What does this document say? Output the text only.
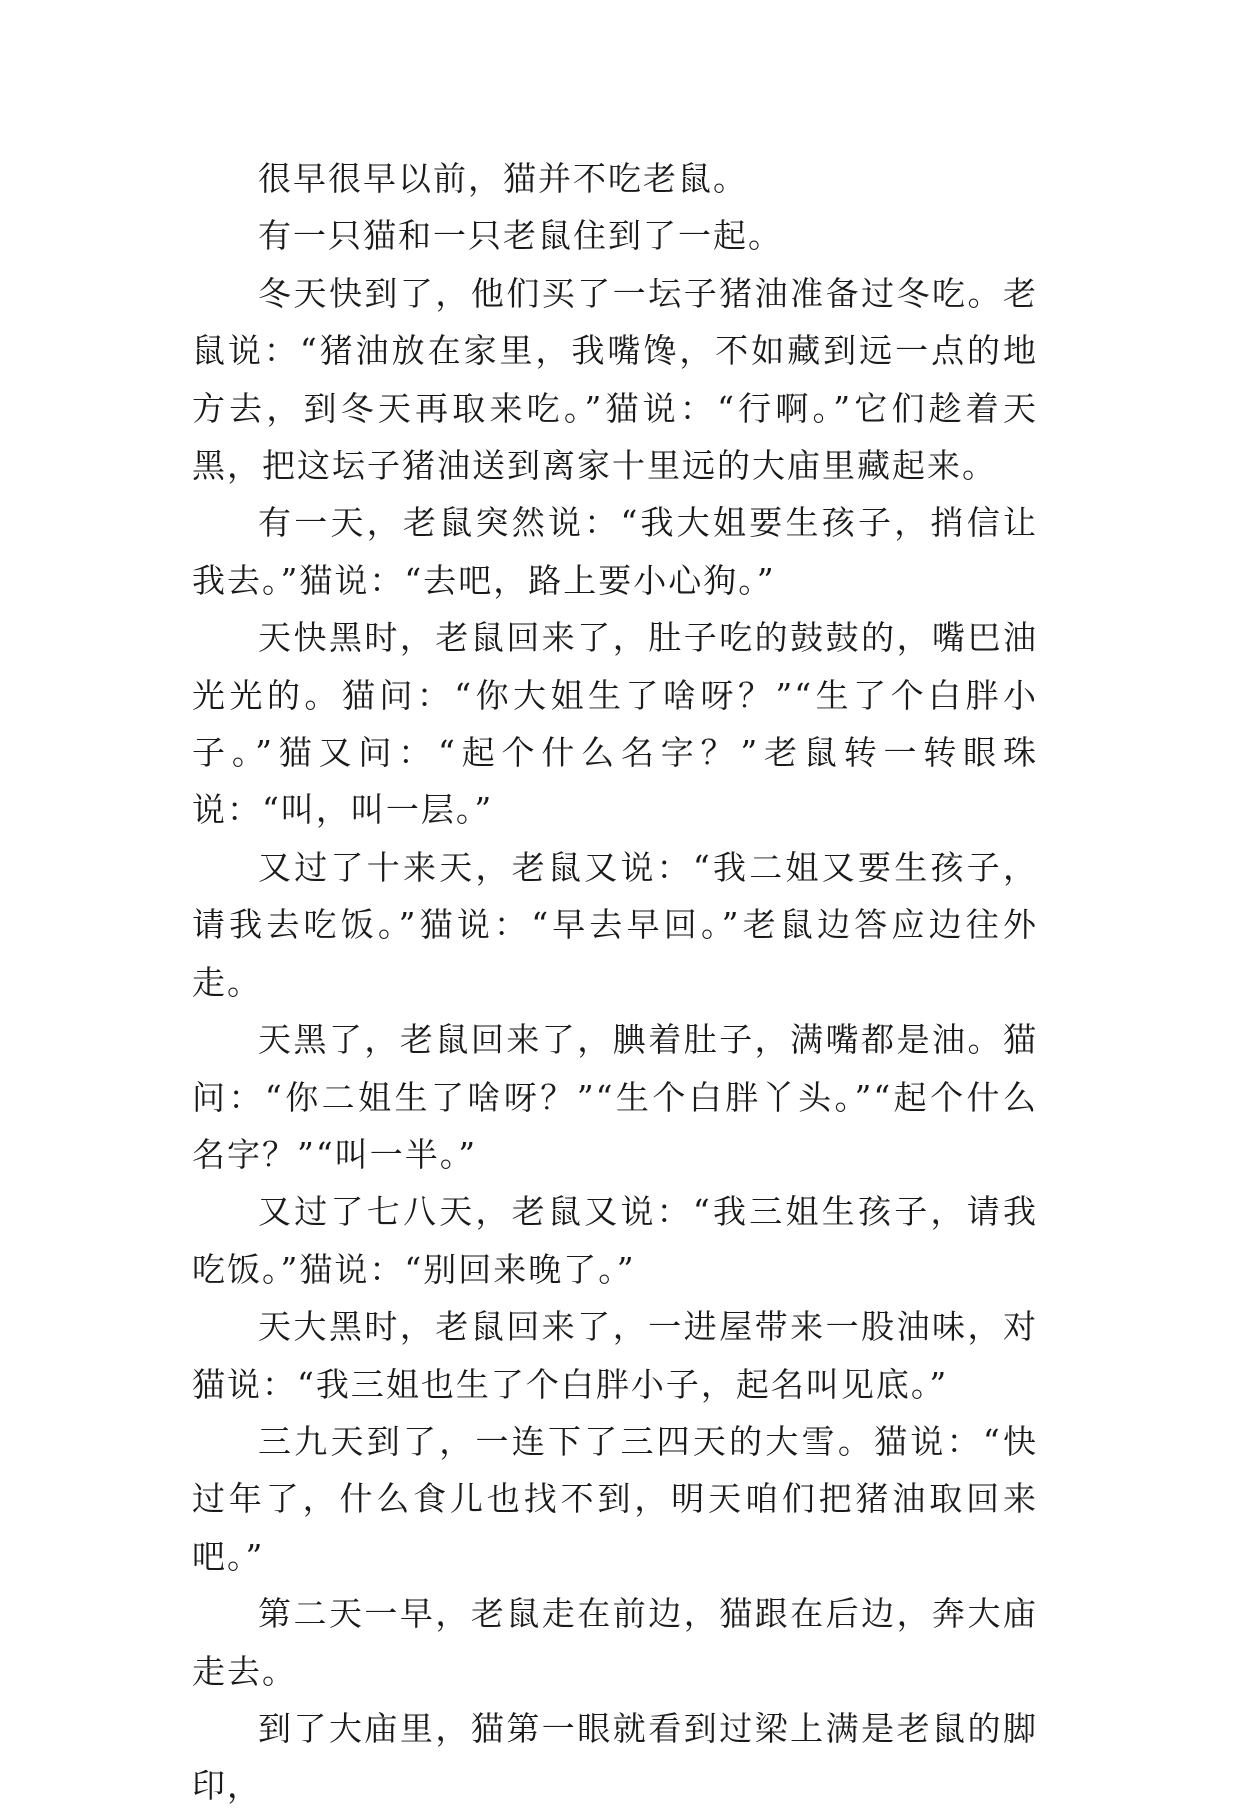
很早很早以前，猫并不吃老鼠。

有一只猫和一只老鼠住到了一起。

冬天快到了，他们买了一坛子猪油准备过冬吃。老鼠说：“猪油放在家里，我嘴馋，不如藏到远一点的地方去，到冬天再取来吃。”猫说：“行啊。”它们趁着天黑，把这坛子猪油送到离家十里远的大庙里藏起来。

有一天，老鼠突然说：“我大姐要生孩子，捎信让我去。”猫说：“去吧，路上要小心狗。”

天快黑时，老鼠回来了，肚子吃的鼓鼓的，嘴巴油光光的。猫问：“你大姐生了啥呀？”“生了个白胖小子。”猫又问：“起个什么名字？”老鼠转一转眼珠说：“叫，叫一层。”

又过了十来天，老鼠又说：“我二姐又要生孩子，请我去吃饭。”猫说：“早去早回。”老鼠边答应边往外走。

天黑了，老鼠回来了，腆着肚子，满嘴都是油。猫问：“你二姐生了啥呀？”“生个白胖丫头。”“起个什么名字？”“叫一半。”

又过了七八天，老鼠又说：“我三姐生孩子，请我吃饭。”猫说：“别回来晚了。”

天大黑时，老鼠回来了，一进屋带来一股油味，对猫说：“我三姐也生了个白胖小子，起名叫见底。”

三九天到了，一连下了三四天的大雪。猫说：“快过年了，什么食儿也找不到，明天咱们把猪油取回来吧。”

第二天一早，老鼠走在前边，猫跟在后边，奔大庙走去。

到了大庙里，猫第一眼就看到过梁上满是老鼠的脚印，
